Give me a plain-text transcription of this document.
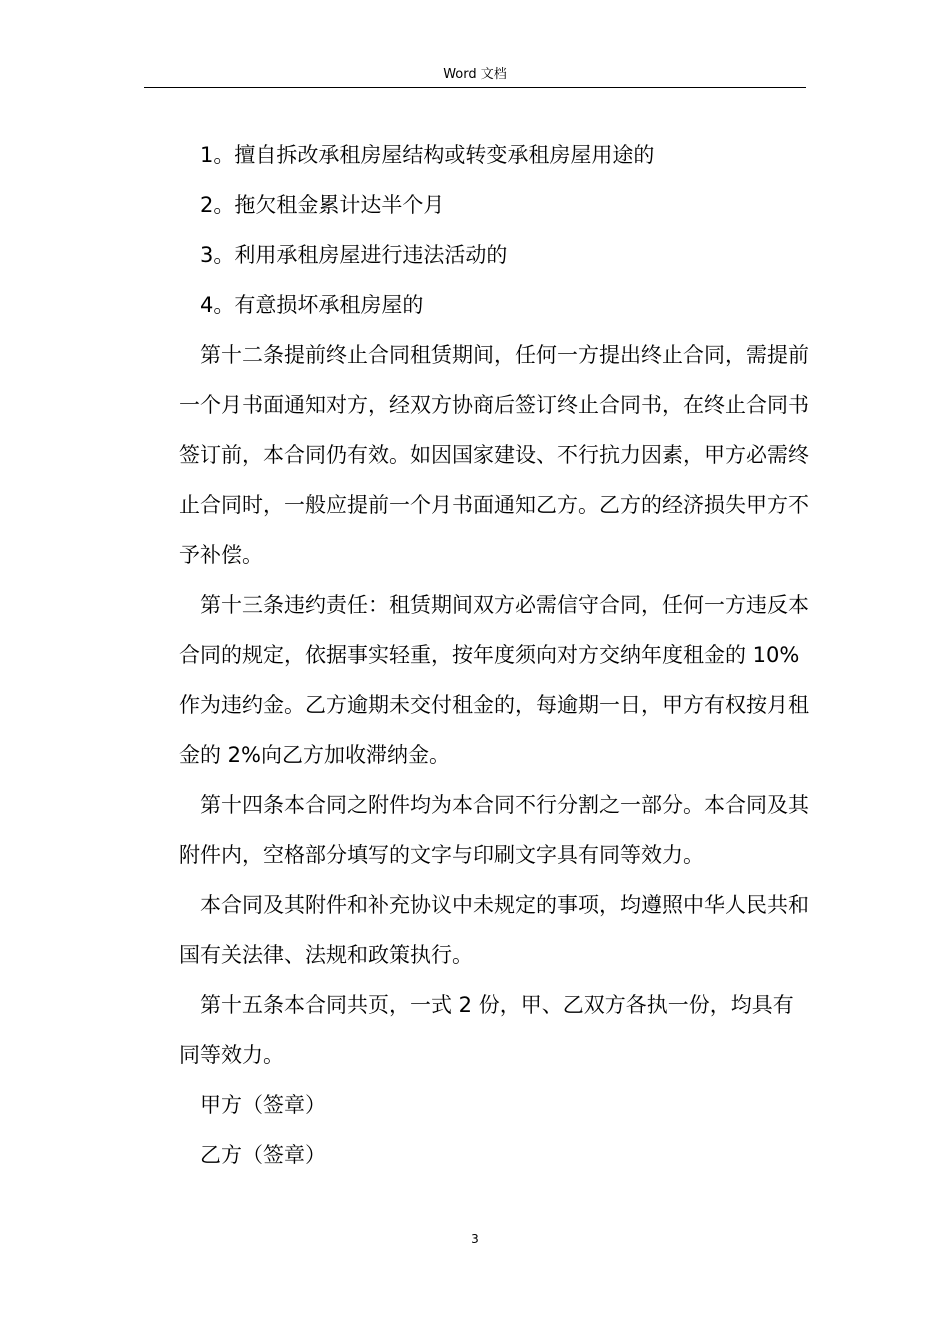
Word 文档

1。擅自拆改承租房屋结构或转变承租房屋用途的

2。拖欠租金累计达半个月

3。利用承租房屋进行违法活动的

4。有意损坏承租房屋的

第十二条提前终止合同租赁期间，任何一方提出终止合同，需提前一个月书面通知对方，经双方协商后签订终止合同书，在终止合同书签订前，本合同仍有效。如因国家建设、不行抗力因素，甲方必需终止合同时，一般应提前一个月书面通知乙方。乙方的经济损失甲方不予补偿。

第十三条违约责任：租赁期间双方必需信守合同，任何一方违反本合同的规定，依据事实轻重，按年度须向对方交纳年度租金的 10%作为违约金。乙方逾期未交付租金的，每逾期一日，甲方有权按月租金的 2%向乙方加收滞纳金。

第十四条本合同之附件均为本合同不行分割之一部分。本合同及其附件内，空格部分填写的文字与印刷文字具有同等效力。

本合同及其附件和补充协议中未规定的事项，均遵照中华人民共和国有关法律、法规和政策执行。

第十五条本合同共页，一式 2 份，甲、乙双方各执一份，均具有同等效力。

甲方（签章）

乙方（签章）

3
